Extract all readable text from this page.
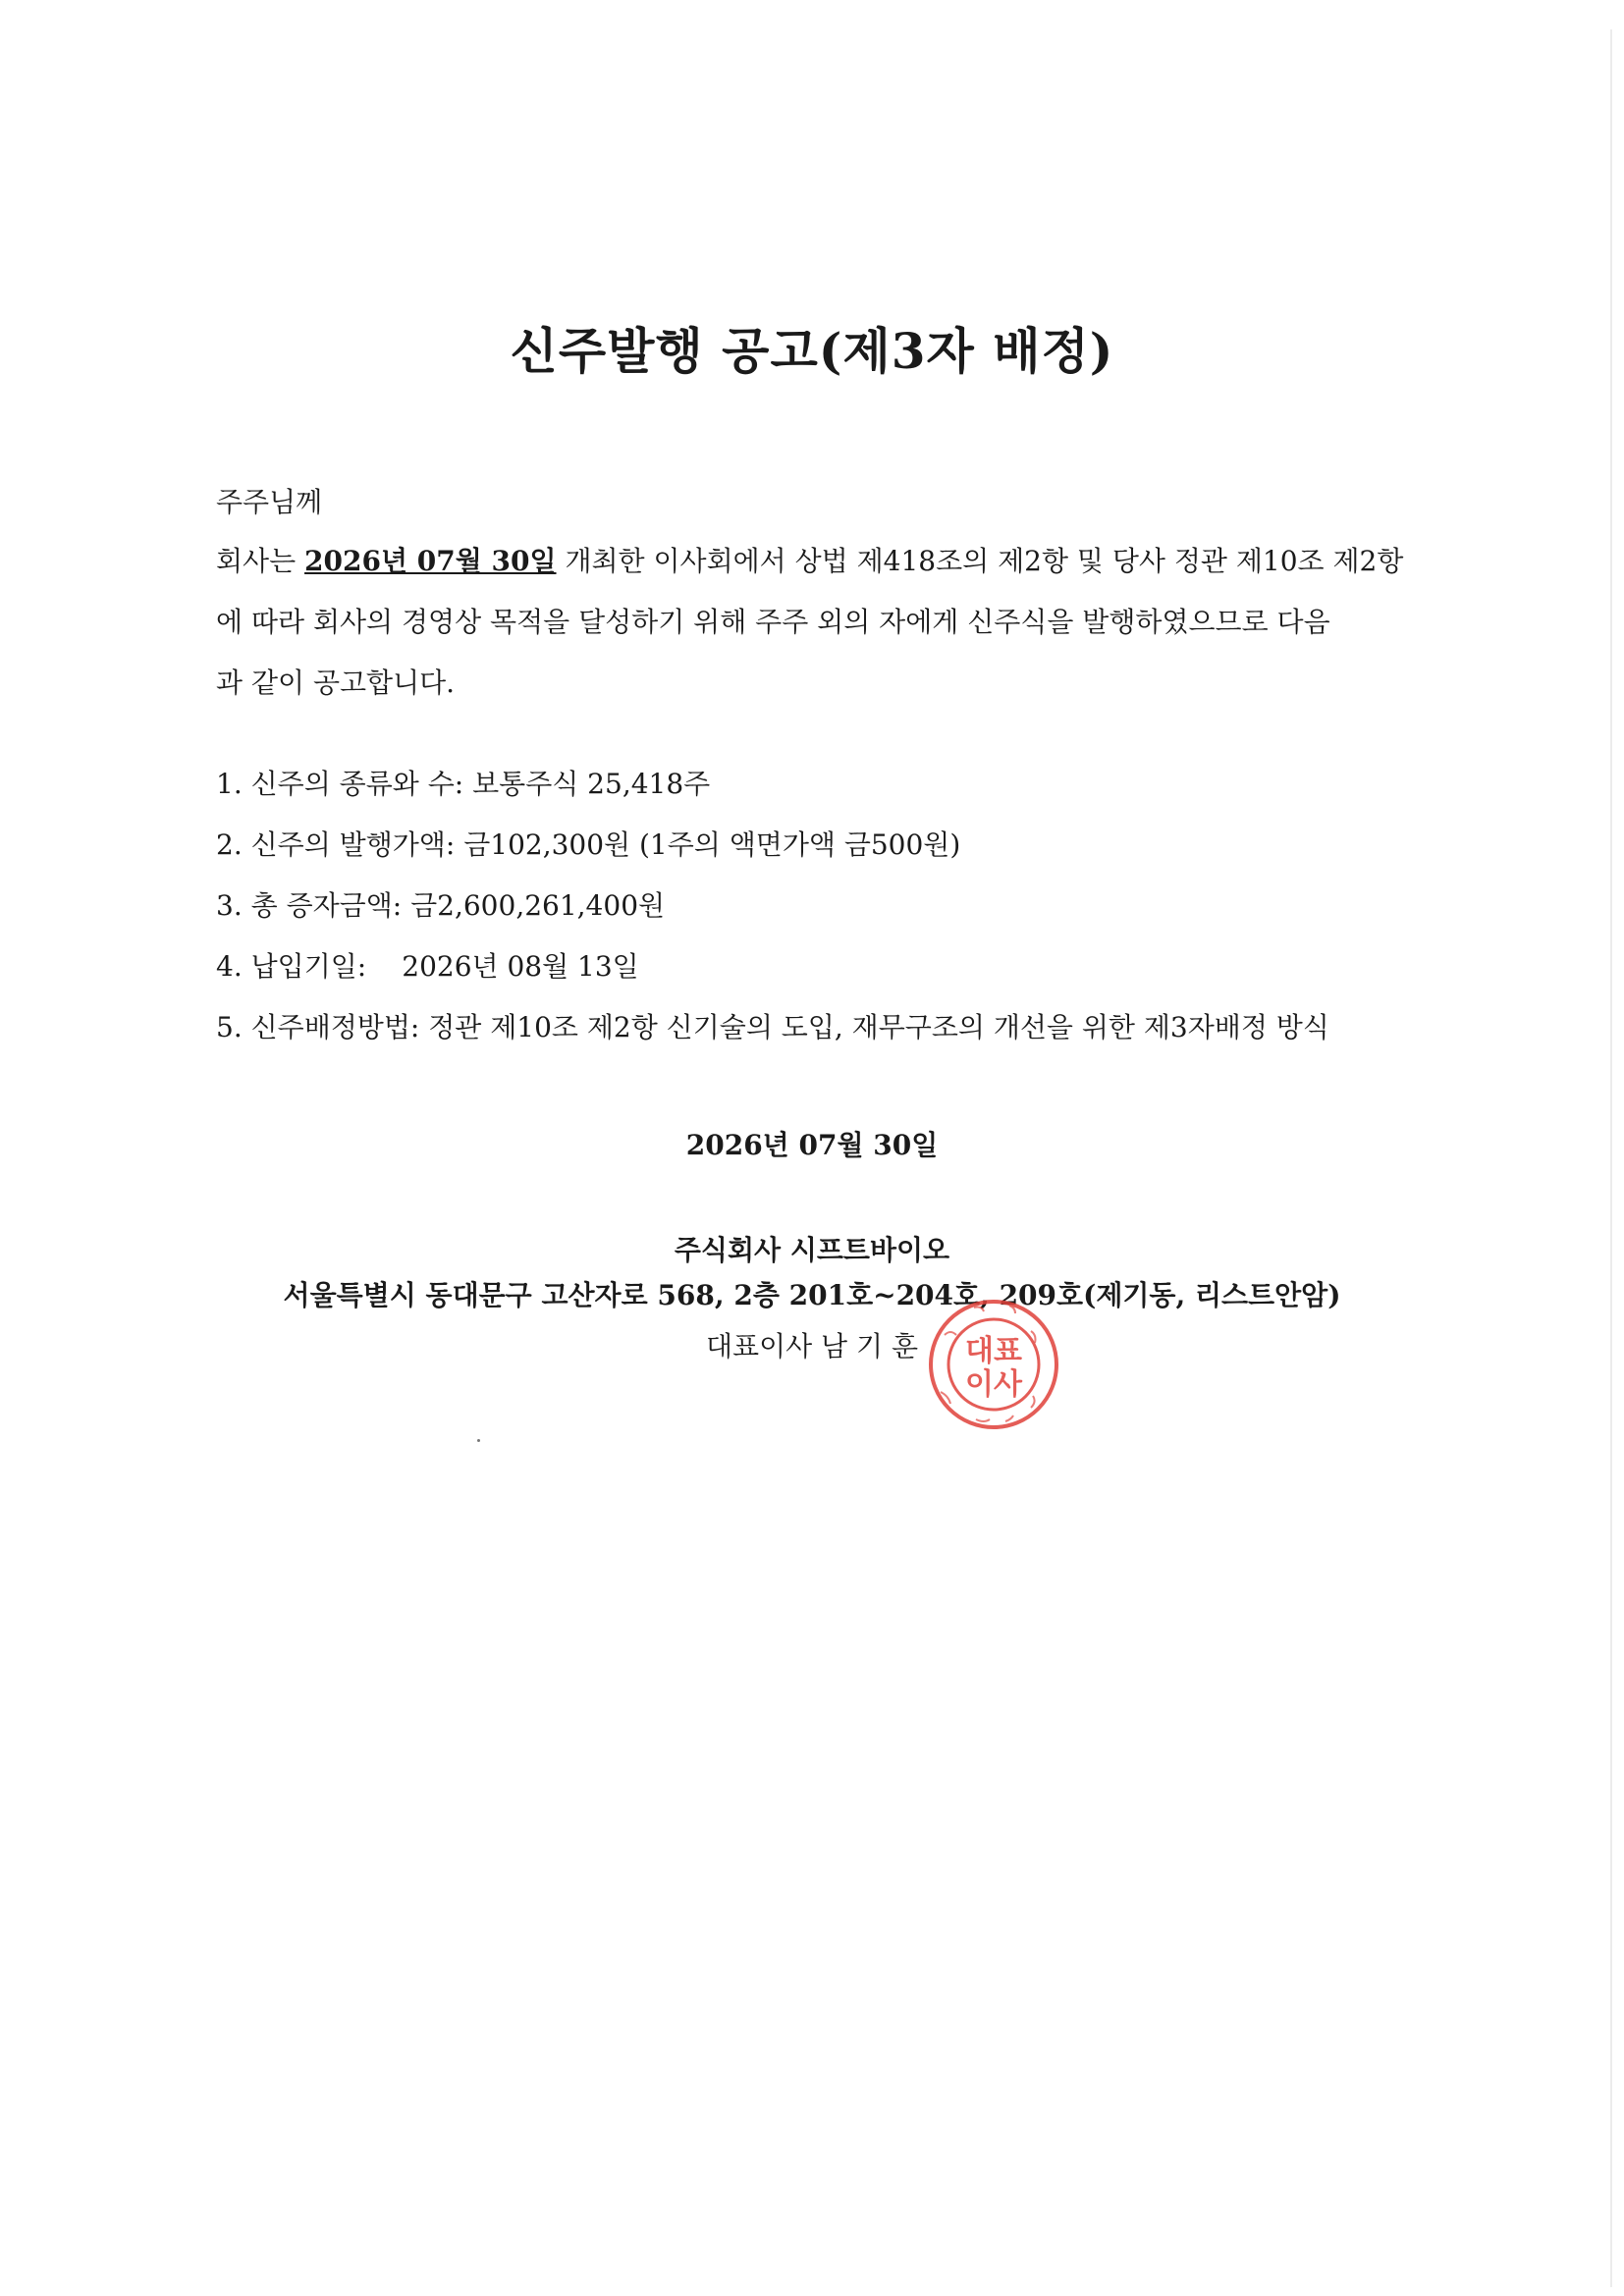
신주발행 공고(제3자 배정)

주주님께

회사는 2026년 07월 30일 개최한 이사회에서 상법 제418조의 제2항 및 당사 정관 제10조 제2항

에 따라 회사의 경영상 목적을 달성하기 위해 주주 외의 자에게 신주식을 발행하였으므로 다음

과 같이 공고합니다.

1. 신주의 종류와 수: 보통주식 25,418주
2. 신주의 발행가액: 금102,300원 (1주의 액면가액 금500원)
3. 총 증자금액: 금2,600,261,400원
4. 납입기일: 2026년 08월 13일
5. 신주배정방법: 정관 제10조 제2항 신기술의 도입, 재무구조의 개선을 위한 제3자배정 방식

2026년 07월 30일

주식회사 시프트바이오

서울특별시 동대문구 고산자로 568, 2층 201호~204호, 209호(제기동, 리스트안암)

대표이사 남 기 훈	대표
이사
